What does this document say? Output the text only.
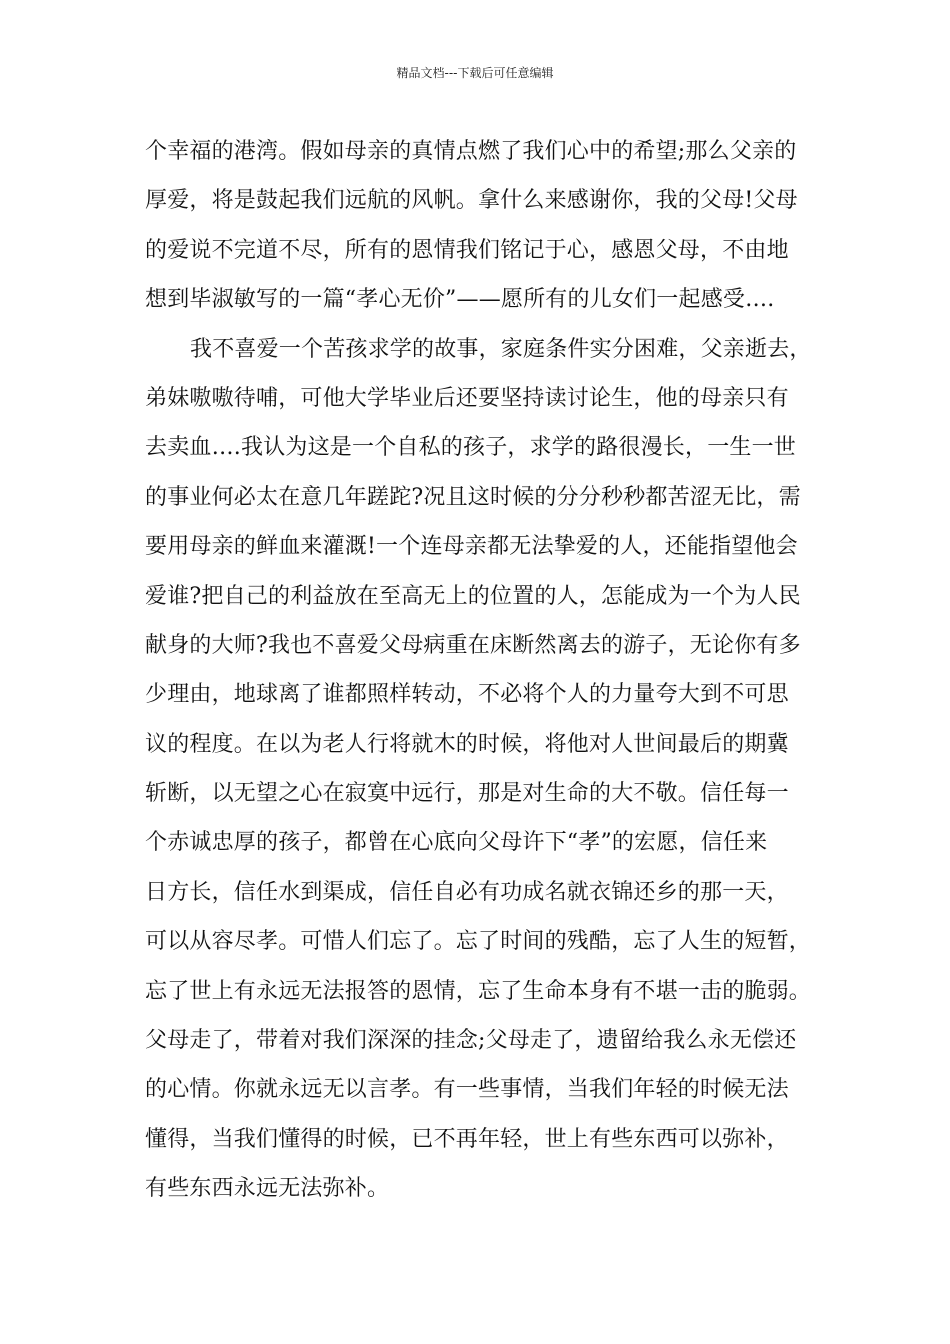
精品文档---下载后可任意编辑
个幸福的港湾。假如母亲的真情点燃了我们心中的希望;那么父亲的
厚爱，将是鼓起我们远航的风帆。拿什么来感谢你，我的父母!父母
的爱说不完道不尽，所有的恩情我们铭记于心，感恩父母，不由地
想到毕淑敏写的一篇“孝心无价”——愿所有的儿女们一起感受….
我不喜爱一个苦孩求学的故事，家庭条件实分困难，父亲逝去，
弟妹嗷嗷待哺，可他大学毕业后还要坚持读讨论生，他的母亲只有
去卖血….我认为这是一个自私的孩子，求学的路很漫长，一生一世
的事业何必太在意几年蹉跎?况且这时候的分分秒秒都苦涩无比，需
要用母亲的鲜血来灌溉!一个连母亲都无法挚爱的人，还能指望他会
爱谁?把自己的利益放在至高无上的位置的人，怎能成为一个为人民
献身的大师?我也不喜爱父母病重在床断然离去的游子，无论你有多
少理由，地球离了谁都照样转动，不必将个人的力量夸大到不可思
议的程度。在以为老人行将就木的时候，将他对人世间最后的期冀
斩断，以无望之心在寂寞中远行，那是对生命的大不敬。信任每一
个赤诚忠厚的孩子，都曾在心底向父母许下“孝”的宏愿，信任来
日方长，信任水到渠成，信任自必有功成名就衣锦还乡的那一天，
可以从容尽孝。可惜人们忘了。忘了时间的残酷，忘了人生的短暂，
忘了世上有永远无法报答的恩情，忘了生命本身有不堪一击的脆弱。
父母走了，带着对我们深深的挂念;父母走了，遗留给我么永无偿还
的心情。你就永远无以言孝。有一些事情，当我们年轻的时候无法
懂得，当我们懂得的时候，已不再年轻，世上有些东西可以弥补，
有些东西永远无法弥补。
